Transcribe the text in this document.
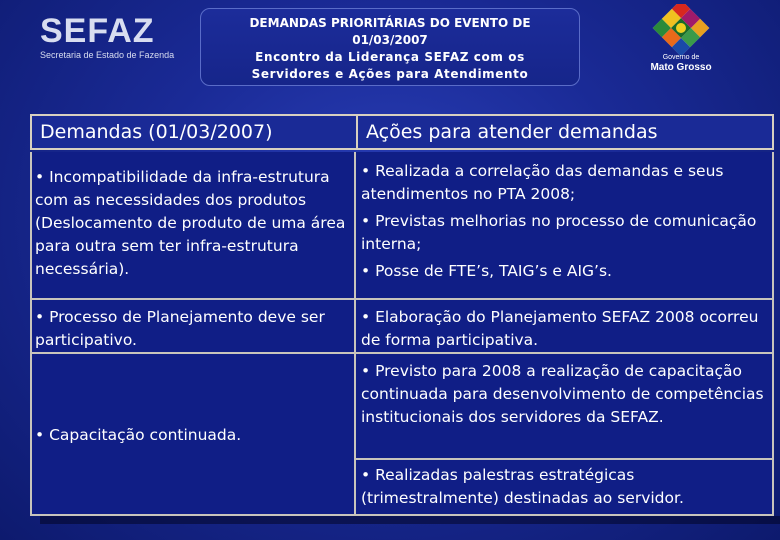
SEFAZ
Secretaria de Estado de Fazenda
DEMANDAS PRIORITÁRIAS DO EVENTO DE
01/03/2007
Encontro da Liderança SEFAZ com os
Servidores e Ações para Atendimento
Governo de
Mato Grosso
Demandas (01/03/2007)	Ações para atender demandas
• Incompatibilidade da infra-estrutura com as necessidades dos produtos (Deslocamento de produto de uma área para outra sem ter infra-estrutura necessária).
• Realizada a correlação das demandas e seus atendimentos no PTA 2008;
• Previstas melhorias no processo de comunicação interna;
• Posse de FTE’s, TAIG’s e AIG’s.
• Processo de Planejamento deve ser participativo.
• Elaboração do Planejamento SEFAZ 2008 ocorreu de forma participativa.
• Capacitação continuada.
• Previsto para 2008 a realização de capacitação continuada para desenvolvimento de competências institucionais dos servidores da SEFAZ.
• Realizadas palestras estratégicas (trimestralmente) destinadas ao servidor.
